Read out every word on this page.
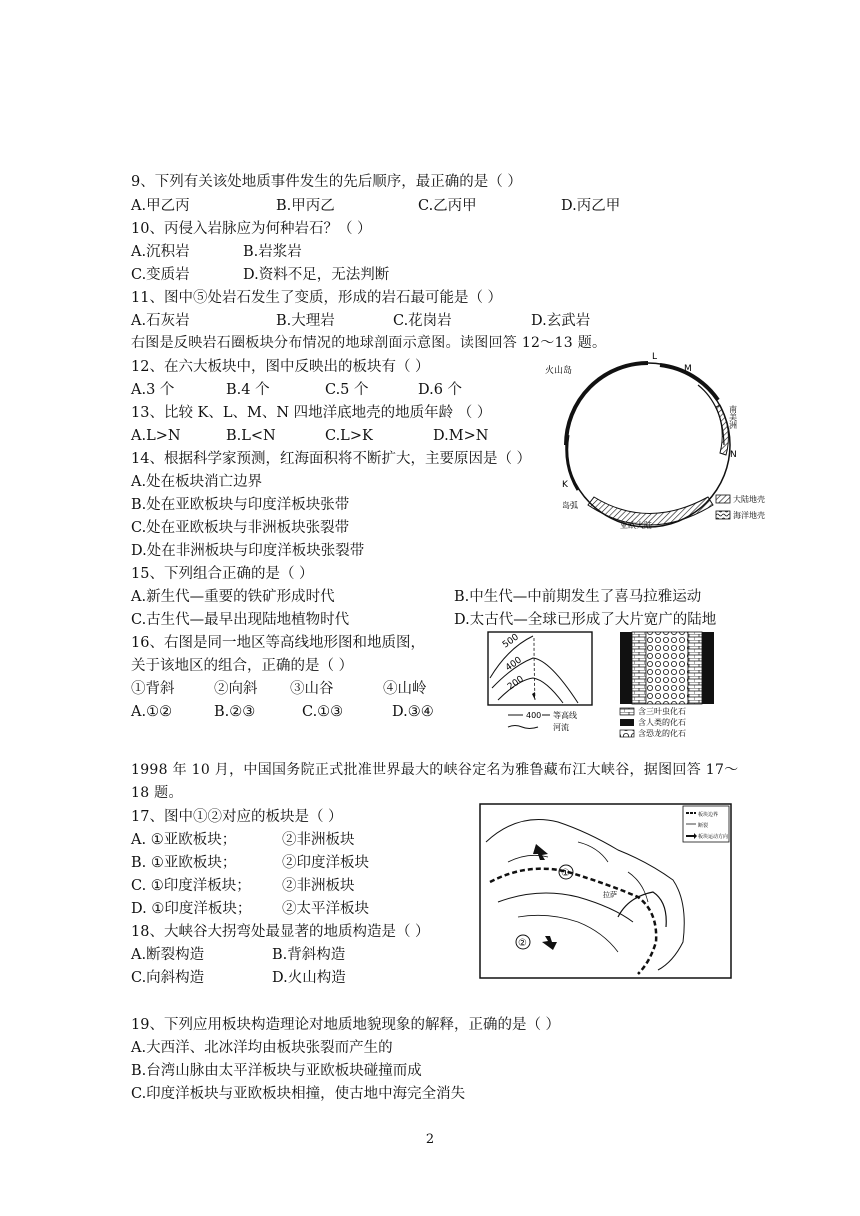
9、下列有关该处地质事件发生的先后顺序，最正确的是（ ）
A.甲乙丙	B.甲丙乙	C.乙丙甲	D.丙乙甲
10、丙侵入岩脉应为何种岩石？（ ）
A.沉积岩	B.岩浆岩
C.变质岩	D.资料不足，无法判断
11、图中⑤处岩石发生了变质，形成的岩石最可能是（ ）
A.石灰岩	B.大理岩	C.花岗岩	D.玄武岩
右图是反映岩石圈板块分布情况的地球剖面示意图。读图回答 12～13 题。
12、在六大板块中，图中反映出的板块有（ ）
A.3 个	B.4 个	C.5 个	D.6 个
13、比较 K、L、M、N 四地洋底地壳的地质年龄 （ ）
A.L>N	B.L<N	C.L>K	D.M>N
14、根据科学家预测，红海面积将不断扩大，主要原因是（ ）
A.处在板块消亡边界
B.处在亚欧板块与印度洋板块张带
C.处在亚欧板块与非洲板块张裂带
D.处在非洲板块与印度洋板块张裂带
15、下列组合正确的是（ ）
A.新生代—重要的铁矿形成时代	B.中生代—中前期发生了喜马拉雅运动
C.古生代—最早出现陆地植物时代	D.太古代—全球已形成了大片宽广的陆地
16、右图是同一地区等高线地形图和地质图，
关于该地区的组合，正确的是（ ）
①背斜	②向斜 ③山谷	④山岭
A.①②	B.②③	C.①③	D.③④
1998 年 10 月，中国国务院正式批准世界最大的峡谷定名为雅鲁藏布江大峡谷，据图回答 17～
18 题。
17、图中①②对应的板块是（ ）
A. ①亚欧板块；	②非洲板块
B. ①亚欧板块；	②印度洋板块
C. ①印度洋板块； ②非洲板块
D. ①印度洋板块； ②太平洋板块
18、大峡谷大拐弯处最显著的地质构造是（ ）
A.断裂构造	B.背斜构造
C.向斜构造	D.火山构造
19、下列应用板块构造理论对地质地貌现象的解释，正确的是（ ）
A.大西洋、北冰洋均由板块张裂而产生的
B.台湾山脉由太平洋板块与亚欧板块碰撞而成
C.印度洋板块与亚欧板块相撞，使古地中海完全消失
火山岛
L
M
N
K
南美洲
岛弧
亚欧大陆
大陆地壳
海洋地壳
500
400
200
400 等高线
河流
含三叶虫化石
含人类的化石
含恐龙的化石
①
②
拉萨
板块边界
断裂
板块运动方向
2
